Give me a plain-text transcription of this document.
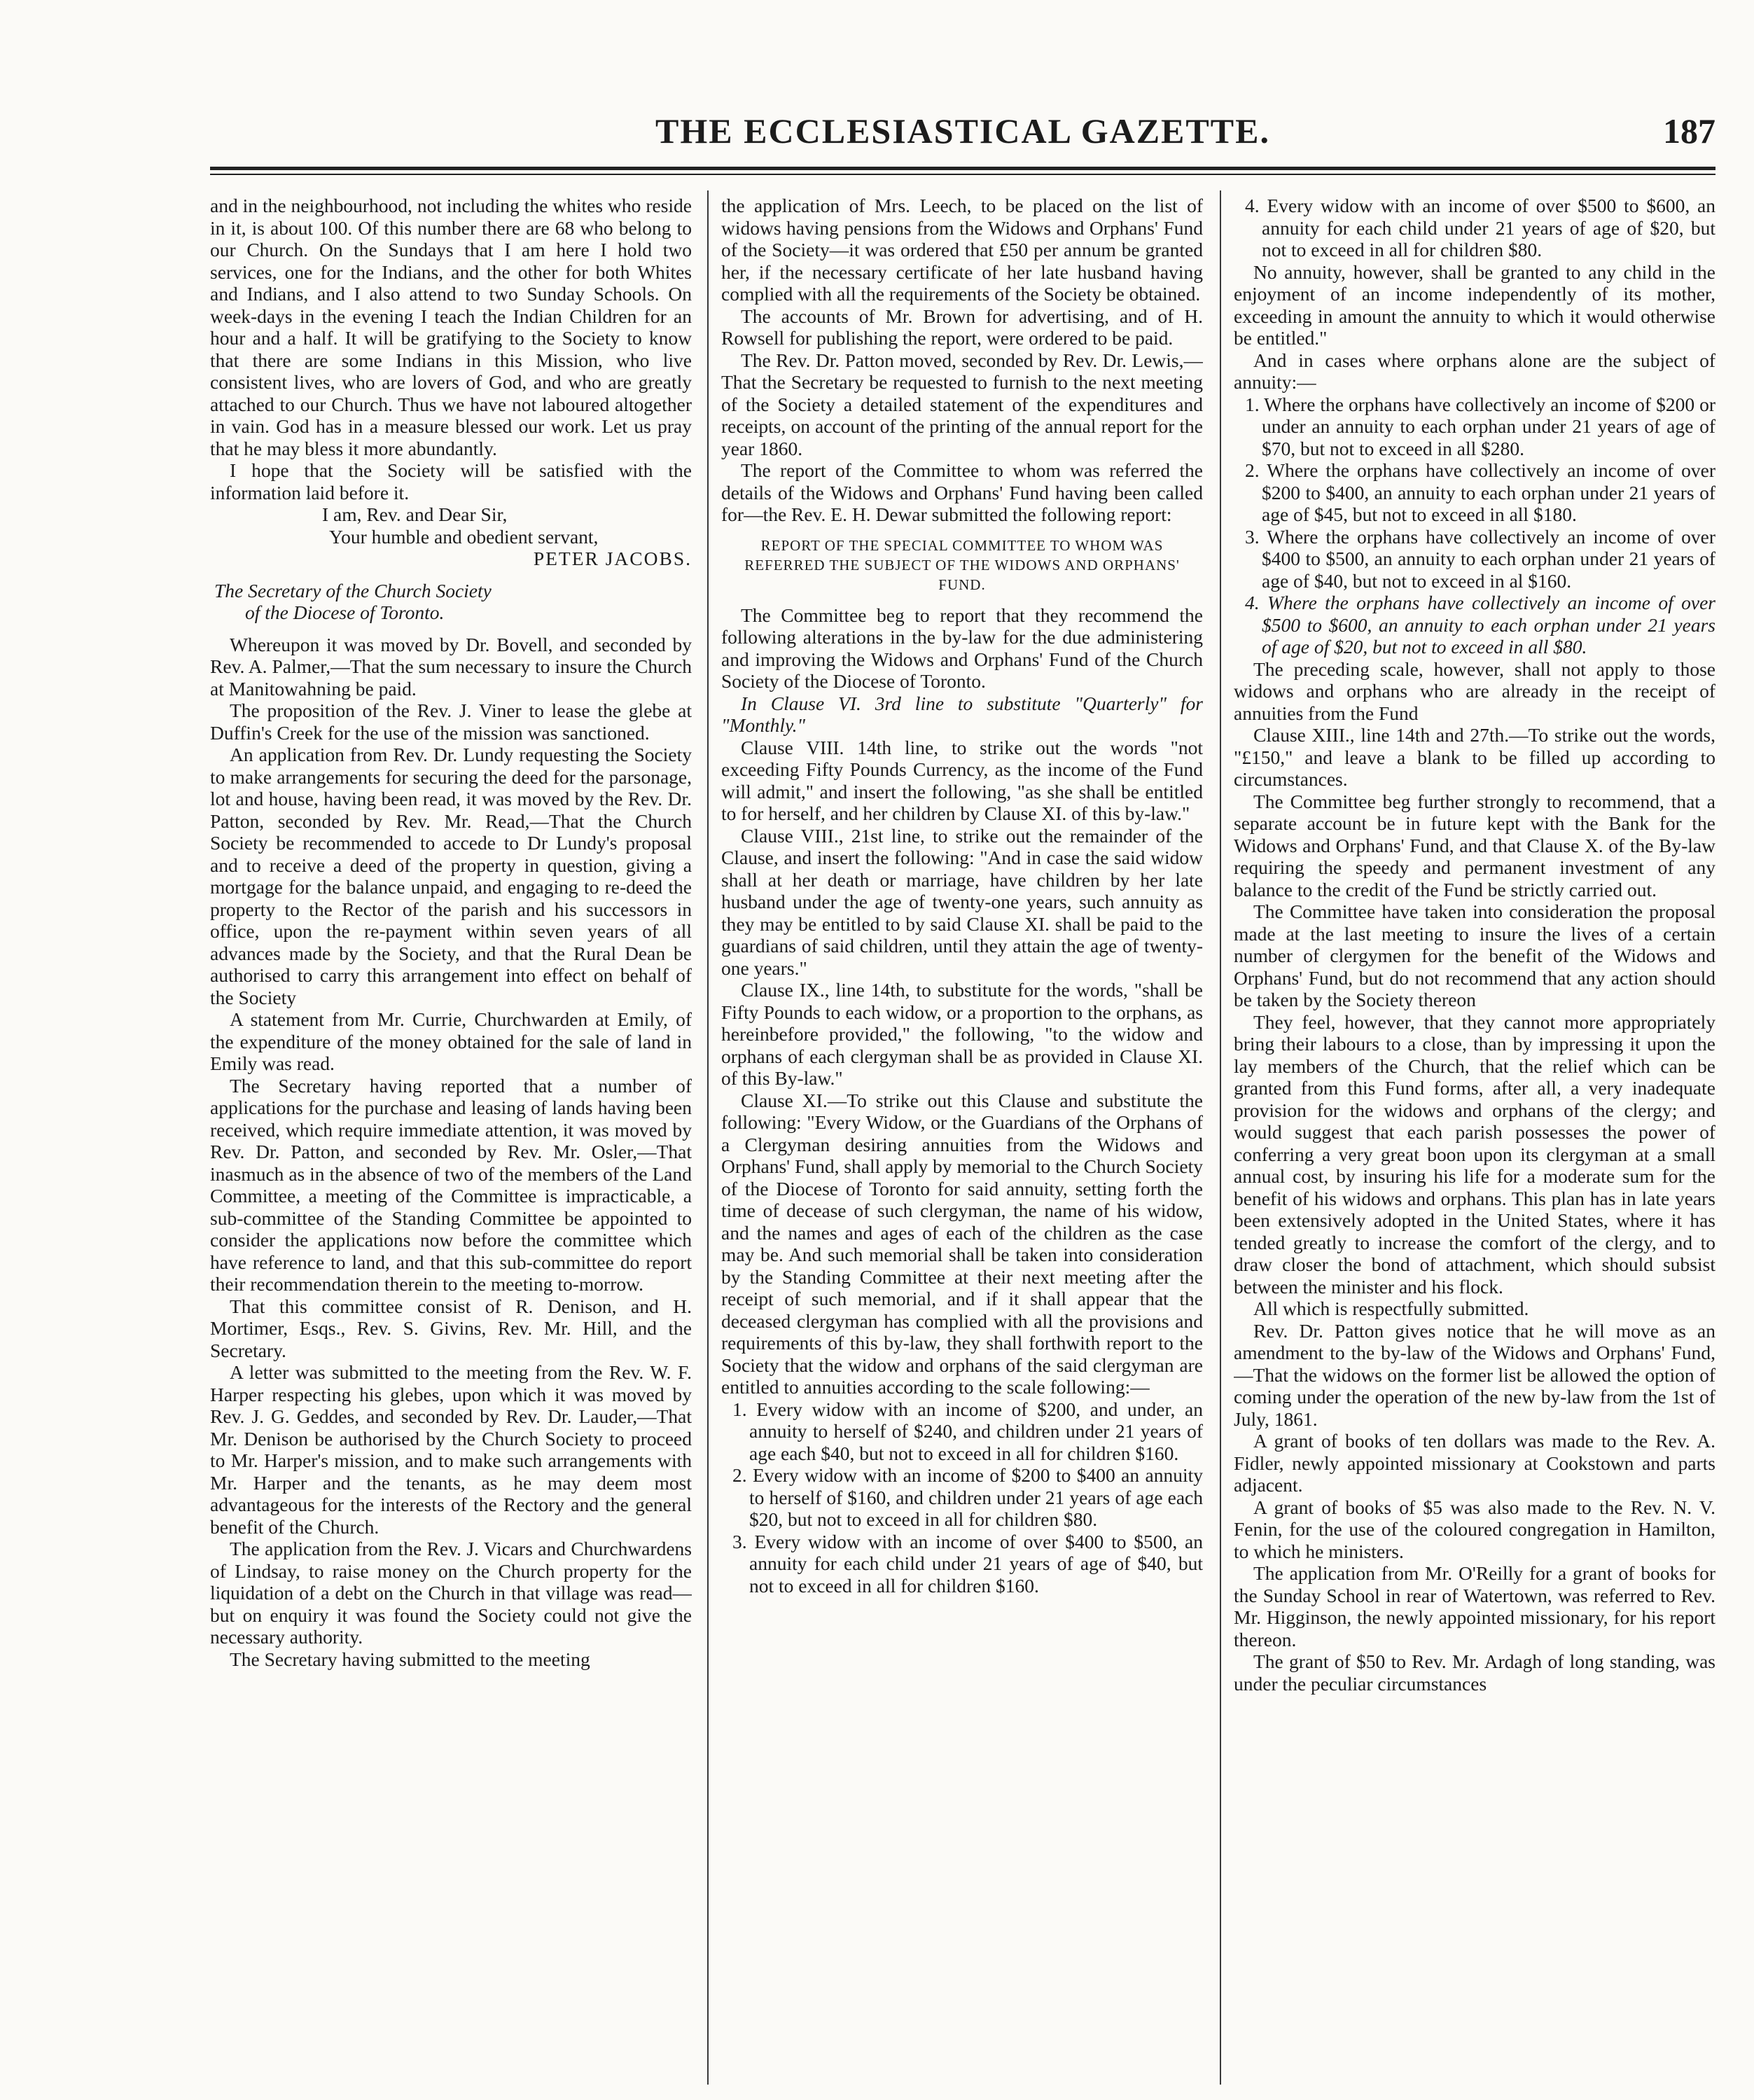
THE ECCLESIASTICAL GAZETTE.	187

and in the neighbourhood, not including the whites who reside in it, is about 100. Of this number there are 68 who belong to our Church. On the Sundays that I am here I hold two services, one for the Indians, and the other for both Whites and Indians, and I also attend to two Sunday Schools. On week-days in the evening I teach the Indian Children for an hour and a half. It will be gratifying to the Society to know that there are some Indians in this Mission, who live consistent lives, who are lovers of God, and who are greatly attached to our Church. Thus we have not laboured altogether in vain. God has in a measure blessed our work. Let us pray that he may bless it more abundantly.

I hope that the Society will be satisfied with the information laid before it.

I am, Rev. and Dear Sir,

Your humble and obedient servant,

PETER JACOBS.

The Secretary of the Church Society

of the Diocese of Toronto.

Whereupon it was moved by Dr. Bovell, and seconded by Rev. A. Palmer,—That the sum necessary to insure the Church at Manitowahning be paid.

The proposition of the Rev. J. Viner to lease the glebe at Duffin's Creek for the use of the mission was sanctioned.

An application from Rev. Dr. Lundy requesting the Society to make arrangements for securing the deed for the parsonage, lot and house, having been read, it was moved by the Rev. Dr. Patton, seconded by Rev. Mr. Read,—That the Church Society be recommended to accede to Dr Lundy's proposal and to receive a deed of the property in question, giving a mortgage for the balance unpaid, and engaging to re-deed the property to the Rector of the parish and his successors in office, upon the re-payment within seven years of all advances made by the Society, and that the Rural Dean be authorised to carry this arrangement into effect on behalf of the Society

A statement from Mr. Currie, Churchwarden at Emily, of the expenditure of the money obtained for the sale of land in Emily was read.

The Secretary having reported that a number of applications for the purchase and leasing of lands having been received, which require immediate attention, it was moved by Rev. Dr. Patton, and seconded by Rev. Mr. Osler,—That inasmuch as in the absence of two of the members of the Land Committee, a meeting of the Committee is impracticable, a sub-committee of the Standing Committee be appointed to consider the applications now before the committee which have reference to land, and that this sub-committee do report their recommendation therein to the meeting to-morrow.

That this committee consist of R. Denison, and H. Mortimer, Esqs., Rev. S. Givins, Rev. Mr. Hill, and the Secretary.

A letter was submitted to the meeting from the Rev. W. F. Harper respecting his glebes, upon which it was moved by Rev. J. G. Geddes, and seconded by Rev. Dr. Lauder,—That Mr. Denison be authorised by the Church Society to proceed to Mr. Harper's mission, and to make such arrangements with Mr. Harper and the tenants, as he may deem most advantageous for the interests of the Rectory and the general benefit of the Church.

The application from the Rev. J. Vicars and Churchwardens of Lindsay, to raise money on the Church property for the liquidation of a debt on the Church in that village was read—but on enquiry it was found the Society could not give the necessary authority.

The Secretary having submitted to the meeting

the application of Mrs. Leech, to be placed on the list of widows having pensions from the Widows and Orphans' Fund of the Society—it was ordered that £50 per annum be granted her, if the necessary certificate of her late husband having complied with all the requirements of the Society be obtained.

The accounts of Mr. Brown for advertising, and of H. Rowsell for publishing the report, were ordered to be paid.

The Rev. Dr. Patton moved, seconded by Rev. Dr. Lewis,—That the Secretary be requested to furnish to the next meeting of the Society a detailed statement of the expenditures and receipts, on account of the printing of the annual report for the year 1860.

The report of the Committee to whom was referred the details of the Widows and Orphans' Fund having been called for—the Rev. E. H. Dewar submitted the following report:

REPORT OF THE SPECIAL COMMITTEE TO WHOM WAS REFERRED THE SUBJECT OF THE WIDOWS AND ORPHANS' FUND.

The Committee beg to report that they recommend the following alterations in the by-law for the due administering and improving the Widows and Orphans' Fund of the Church Society of the Diocese of Toronto.

In Clause VI. 3rd line to substitute "Quarterly" for "Monthly."

Clause VIII. 14th line, to strike out the words "not exceeding Fifty Pounds Currency, as the income of the Fund will admit," and insert the following, "as she shall be entitled to for herself, and her children by Clause XI. of this by-law."

Clause VIII., 21st line, to strike out the remainder of the Clause, and insert the following: "And in case the said widow shall at her death or marriage, have children by her late husband under the age of twenty-one years, such annuity as they may be entitled to by said Clause XI. shall be paid to the guardians of said children, until they attain the age of twenty-one years."

Clause IX., line 14th, to substitute for the words, "shall be Fifty Pounds to each widow, or a proportion to the orphans, as hereinbefore provided," the following, "to the widow and orphans of each clergyman shall be as provided in Clause XI. of this By-law."

Clause XI.—To strike out this Clause and substitute the following: "Every Widow, or the Guardians of the Orphans of a Clergyman desiring annuities from the Widows and Orphans' Fund, shall apply by memorial to the Church Society of the Diocese of Toronto for said annuity, setting forth the time of decease of such clergyman, the name of his widow, and the names and ages of each of the children as the case may be. And such memorial shall be taken into consideration by the Standing Committee at their next meeting after the receipt of such memorial, and if it shall appear that the deceased clergyman has complied with all the provisions and requirements of this by-law, they shall forthwith report to the Society that the widow and orphans of the said clergyman are entitled to annuities according to the scale following:—

1. Every widow with an income of $200, and under, an annuity to herself of $240, and children under 21 years of age each $40, but not to exceed in all for children $160.

2. Every widow with an income of $200 to $400 an annuity to herself of $160, and children under 21 years of age each $20, but not to exceed in all for children $80.

3. Every widow with an income of over $400 to $500, an annuity for each child under 21 years of age of $40, but not to exceed in all for children $160.

4. Every widow with an income of over $500 to $600, an annuity for each child under 21 years of age of $20, but not to exceed in all for children $80.

No annuity, however, shall be granted to any child in the enjoyment of an income independently of its mother, exceeding in amount the annuity to which it would otherwise be entitled."

And in cases where orphans alone are the subject of annuity:—

1. Where the orphans have collectively an income of $200 or under an annuity to each orphan under 21 years of age of $70, but not to exceed in all $280.

2. Where the orphans have collectively an income of over $200 to $400, an annuity to each orphan under 21 years of age of $45, but not to exceed in all $180.

3. Where the orphans have collectively an income of over $400 to $500, an annuity to each orphan under 21 years of age of $40, but not to exceed in al $160.

4. Where the orphans have collectively an income of over $500 to $600, an annuity to each orphan under 21 years of age of $20, but not to exceed in all $80.

The preceding scale, however, shall not apply to those widows and orphans who are already in the receipt of annuities from the Fund

Clause XIII., line 14th and 27th.—To strike out the words, "£150," and leave a blank to be filled up according to circumstances.

The Committee beg further strongly to recommend, that a separate account be in future kept with the Bank for the Widows and Orphans' Fund, and that Clause X. of the By-law requiring the speedy and permanent investment of any balance to the credit of the Fund be strictly carried out.

The Committee have taken into consideration the proposal made at the last meeting to insure the lives of a certain number of clergymen for the benefit of the Widows and Orphans' Fund, but do not recommend that any action should be taken by the Society thereon

They feel, however, that they cannot more appropriately bring their labours to a close, than by impressing it upon the lay members of the Church, that the relief which can be granted from this Fund forms, after all, a very inadequate provision for the widows and orphans of the clergy; and would suggest that each parish possesses the power of conferring a very great boon upon its clergyman at a small annual cost, by insuring his life for a moderate sum for the benefit of his widows and orphans. This plan has in late years been extensively adopted in the United States, where it has tended greatly to increase the comfort of the clergy, and to draw closer the bond of attachment, which should subsist between the minister and his flock.

All which is respectfully submitted.

Rev. Dr. Patton gives notice that he will move as an amendment to the by-law of the Widows and Orphans' Fund,—That the widows on the former list be allowed the option of coming under the operation of the new by-law from the 1st of July, 1861.

A grant of books of ten dollars was made to the Rev. A. Fidler, newly appointed missionary at Cookstown and parts adjacent.

A grant of books of $5 was also made to the Rev. N. V. Fenin, for the use of the coloured congregation in Hamilton, to which he ministers.

The application from Mr. O'Reilly for a grant of books for the Sunday School in rear of Watertown, was referred to Rev. Mr. Higginson, the newly appointed missionary, for his report thereon.

The grant of $50 to Rev. Mr. Ardagh of long standing, was under the peculiar circumstances
